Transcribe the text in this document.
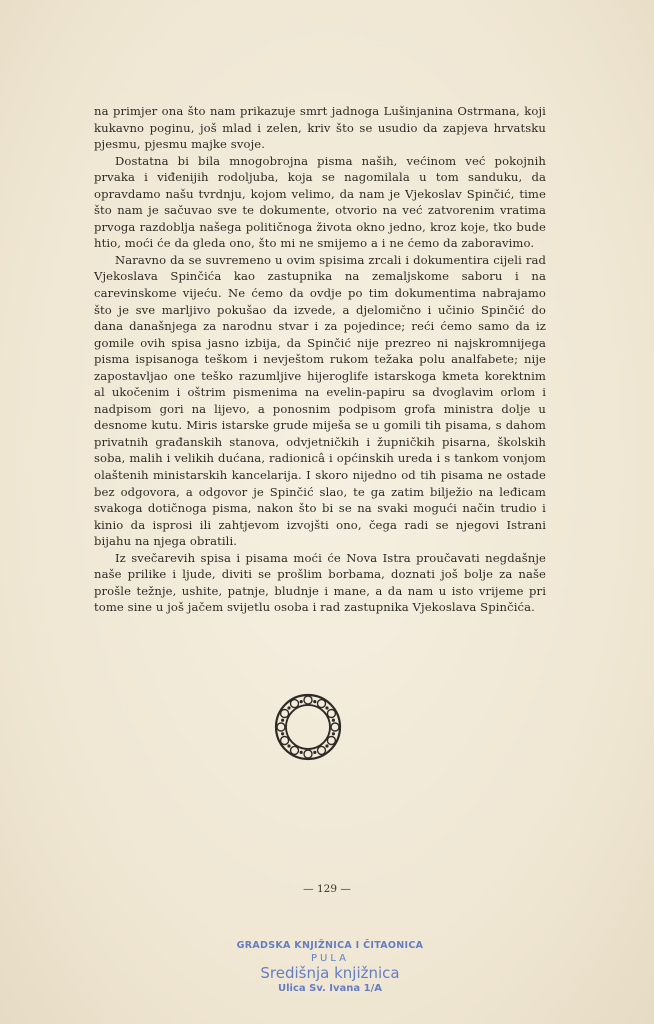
na primjer ona što nam prikazuje smrt jadnoga Lušinjanina Ostrmana, koji kukavno poginu, još mlad i zelen, kriv što se usudio da zapjeva hrvatsku pjesmu, pjesmu majke svoje.

Dostatna bi bila mnogobrojna pisma naših, većinom već pokojnih prvaka i viđenijih rodoljuba, koja se nagomilala u tom sanduku, da opravdamo našu tvrdnju, kojom velimo, da nam je Vjekoslav Spinčić, time što nam je sačuvao sve te dokumente, otvorio na već zatvorenim vratima prvoga razdoblja našega političnoga života okno jedno, kroz koje, tko bude htio, moći će da gleda ono, što mi ne smijemo a i ne ćemo da zaboravimo.

Naravno da se suvremeno u ovim spisima zrcali i dokumentira cijeli rad Vjekoslava Spinčića kao zastupnika na zemaljskome saboru i na carevinskome vijeću. Ne ćemo da ovdje po tim dokumentima nabrajamo što je sve marljivo pokušao da izvede, a djelomično i učinio Spinčić do dana današnjega za narodnu stvar i za pojedince; reći ćemo samo da iz gomile ovih spisa jasno izbija, da Spinčić nije prezreo ni najskromnijega pisma ispisanoga teškom i nevještom rukom težaka polu analfabete; nije zapostavljao one teško razumljive hijeroglife istarskoga kmeta korektnim al ukočenim i oštrim pismenima na evelin-papiru sa dvoglavim orlom i nadpisom gori na lijevo, a ponosnim podpisom grofa ministra dolje u desnome kutu. Miris istarske grude miješa se u gomili tih pisama, s dahom privatnih građanskih stanova, odvjetničkih i župničkih pisarna, školskih soba, malih i velikih dućana, radionicâ i općinskih ureda i s tankom vonjom olaštenih ministarskih kancelarija. I skoro nijedno od tih pisama ne ostade bez odgovora, a odgovor je Spinčić slao, te ga zatim bilježio na leđicam svakoga dotičnoga pisma, nakon što bi se na svaki mogući način trudio i kinio da isprosi ili zahtjevom izvojšti ono, čega radi se njegovi Istrani bijahu na njega obratili.

Iz svečarevih spisa i pisama moći će Nova Istra proučavati negdašnje naše prilike i ljude, diviti se prošlim borbama, doznati još bolje za naše prošle težnje, ushite, patnje, bludnje i mane, a da nam u isto vrijeme pri tome sine u još jačem svijetlu osoba i rad zastupnika Vjekoslava Spinčića.

— 129 —
GRADSKA KNJIŽNICA I ČITAONICA
PULA
Središnja knjižnica
Ulica Sv. Ivana 1/A
